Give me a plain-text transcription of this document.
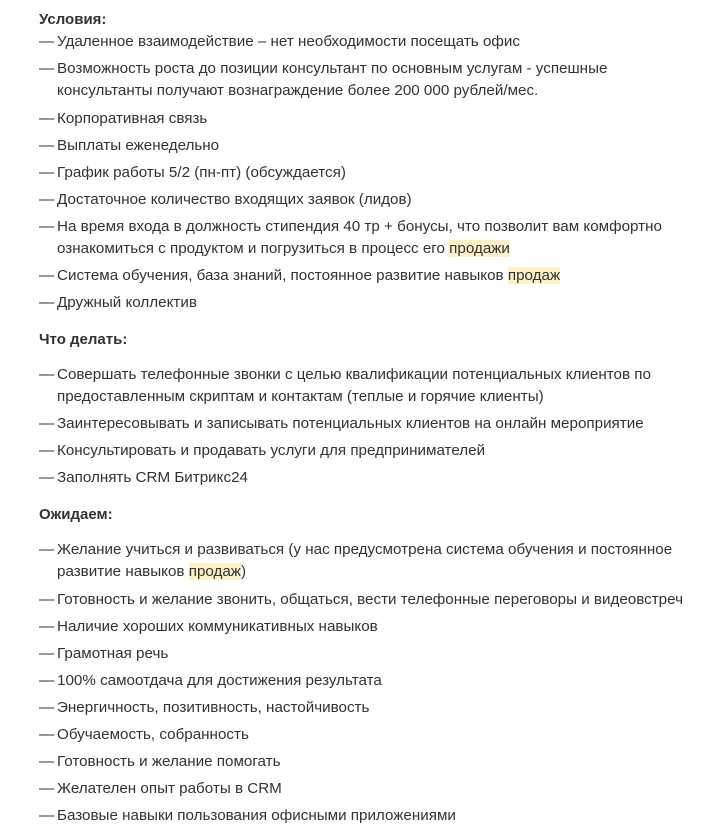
Условия:
— Удаленное взаимодействие – нет необходимости посещать офис
— Возможность роста до позиции консультант по основным услугам - успешные
консультанты получают вознаграждение более 200 000 рублей/мес.
— Корпоративная связь
— Выплаты еженедельно
— График работы 5/2 (пн-пт) (обсуждается)
— Достаточное количество входящих заявок (лидов)
— На время входа в должность стипендия 40 тр + бонусы, что позволит вам комфортно
ознакомиться с продуктом и погрузиться в процесс его продажи
— Система обучения, база знаний, постоянное развитие навыков продаж
— Дружный коллектив
Что делать:
— Совершать телефонные звонки с целью квалификации потенциальных клиентов по
предоставленным скриптам и контактам (теплые и горячие клиенты)
— Заинтересовывать и записывать потенциальных клиентов на онлайн мероприятие
— Консультировать и продавать услуги для предпринимателей
— Заполнять CRM Битрикс24
Ожидаем:
— Желание учиться и развиваться (у нас предусмотрена система обучения и постоянное
развитие навыков продаж)
— Готовность и желание звонить, общаться, вести телефонные переговоры и видеовстреч
— Наличие хороших коммуникативных навыков
— Грамотная речь
— 100% самоотдача для достижения результата
— Энергичность, позитивность, настойчивость
— Обучаемость, собранность
— Готовность и желание помогать
— Желателен опыт работы в CRM
— Базовые навыки пользования офисными приложениями
